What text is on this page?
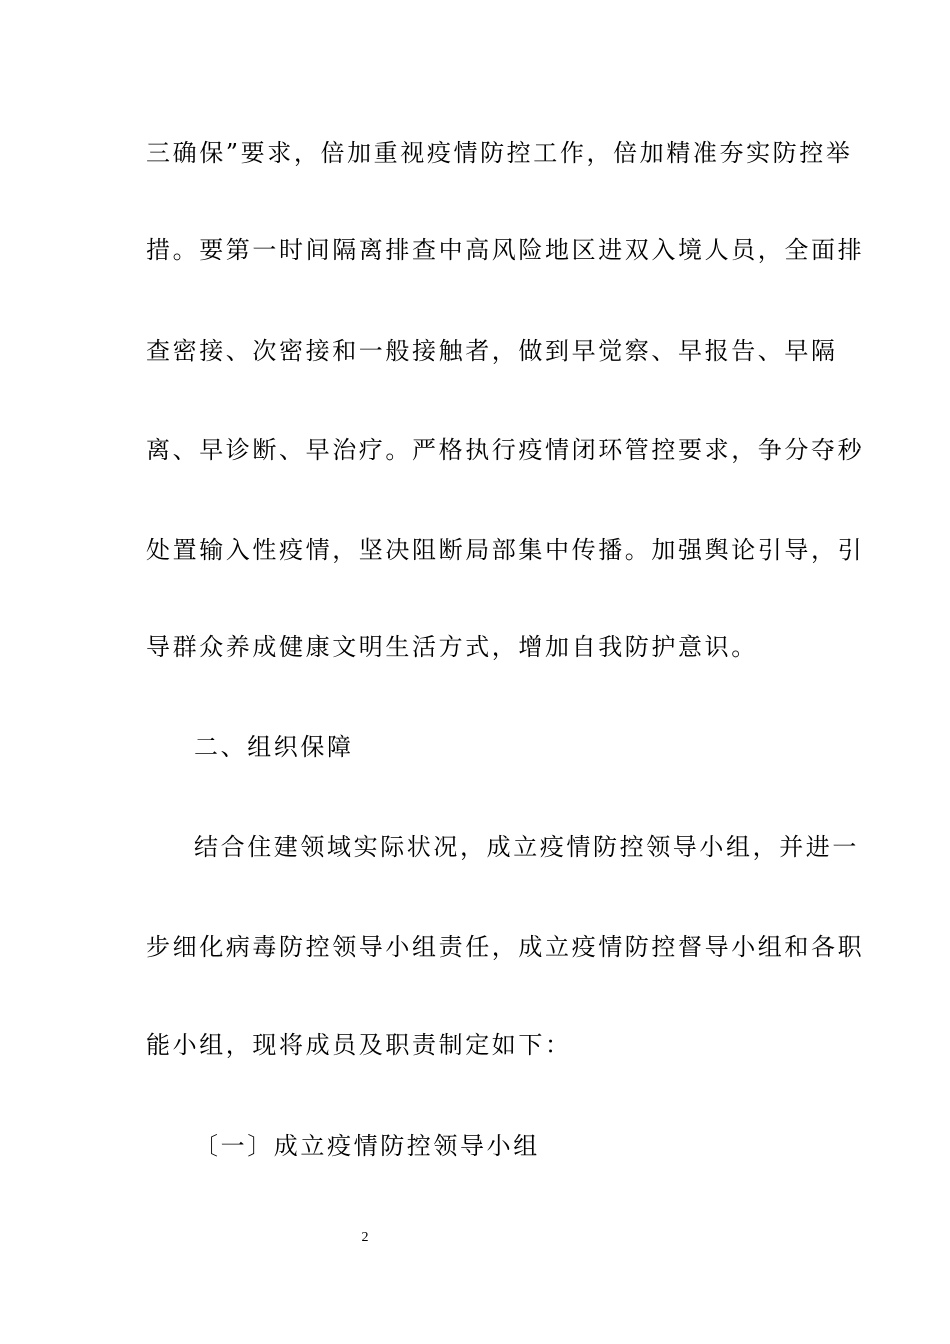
三确保”要求，倍加重视疫情防控工作，倍加精准夯实防控举
措。要第一时间隔离排查中高风险地区进双入境人员，全面排
查密接、次密接和一般接触者，做到早觉察、早报告、早隔
离、早诊断、早治疗。严格执行疫情闭环管控要求，争分夺秒
处置输入性疫情，坚决阻断局部集中传播。加强舆论引导，引
导群众养成健康文明生活方式，增加自我防护意识。
二、组织保障
结合住建领域实际状况，成立疫情防控领导小组，并进一
步细化病毒防控领导小组责任，成立疫情防控督导小组和各职
能小组，现将成员及职责制定如下：
〔一〕成立疫情防控领导小组
2
